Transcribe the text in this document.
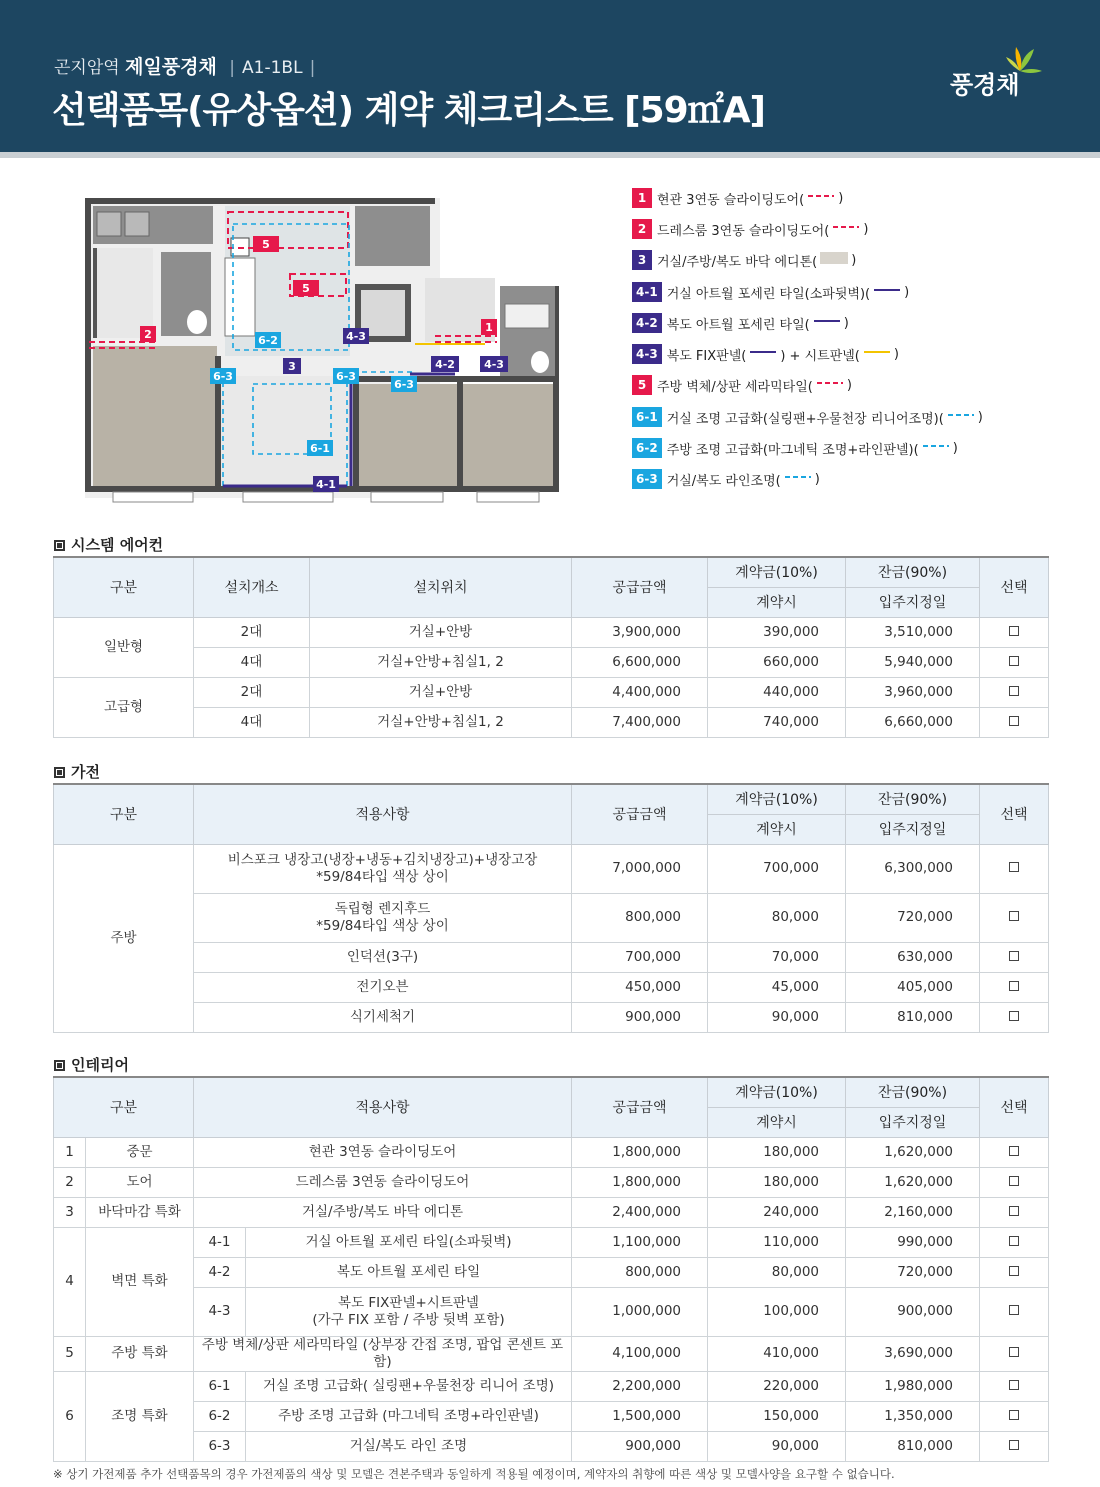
곤지암역 제일풍경채 | A1-1BL |
선택품목(유상옵션) 계약 체크리스트 [59㎡A]
풍경채
5
5
2	6-2	4-3
1
3	4-2	4-3
6-3	6-3
6-3
6-1
4-1
1 현관 3연동 슬라이딩도어(	)
2 드레스룸 3연동 슬라이딩도어(	)
3 거실/주방/복도 바닥 에디톤(	)
4-1 거실 아트월 포세린 타일(소파뒷벽)(	)
4-2 복도 아트월 포세린 타일(	)
4-3 복도 FIX판넬(	) + 시트판넬(	)
5 주방 벽체/상판 세라믹타일(	)
6-1 거실 조명 고급화(실링팬+우물천장 리니어조명)(	)
6-2 주방 조명 고급화(마그네틱 조명+라인판넬)(	)
6-3 거실/복도 라인조명(	)
시스템 에어컨
구분	설치개소	설치위치	공급금액	계약금(10%)	잔금(90%)	선택
				계약시	입주지정일	
일반형	2대	거실+안방	3,900,000	390,000	3,510,000	
	4대	거실+안방+침실1, 2	6,600,000	660,000	5,940,000	
고급형	2대	거실+안방	4,400,000	440,000	3,960,000	
	4대	거실+안방+침실1, 2	7,400,000	740,000	6,660,000	
가전
구분	적용사항	공급금액	계약금(10%)	잔금(90%)	선택
			계약시	입주지정일	
주방	비스포크 냉장고(냉장+냉동+김치냉장고)+냉장고장
*59/84타입 색상 상이	7,000,000	700,000	6,300,000	

	독립형 렌지후드
*59/84타입 색상 상이	800,000	80,000	720,000	

	인덕션(3구)	700,000	70,000	630,000	

	전기오븐	450,000	45,000	405,000	

	식기세척기	900,000	90,000	810,000	
인테리어
구분		적용사항		공급금액	계약금(10%)	잔금(90%)	선택
					계약시	입주지정일	
1	중문	현관 3연동 슬라이딩도어		1,800,000	180,000	1,620,000	
2	도어	드레스룸 3연동 슬라이딩도어		1,800,000	180,000	1,620,000	
3	바닥마감 특화	거실/주방/복도 바닥 에디톤		2,400,000	240,000	2,160,000	
4	벽면 특화	4-1	거실 아트월 포세린 타일(소파뒷벽)	1,100,000	110,000	990,000	
		4-2	복도 아트월 포세린 타일	800,000	80,000	720,000	
		4-3	복도 FIX판넬+시트판넬
(가구 FIX 포함 / 주방 뒷벽 포함)	1,000,000	100,000	900,000	
5	주방 특화	주방 벽체/상판 세라믹타일 (상부장 간접 조명, 팝업 콘센트 포함)		4,100,000	410,000	3,690,000	
6	조명 특화	6-1	거실 조명 고급화( 실링팬+우물천장 리니어 조명)	2,200,000	220,000	1,980,000	
		6-2	주방 조명 고급화 (마그네틱 조명+라인판넬)	1,500,000	150,000	1,350,000	
		6-3	거실/복도 라인 조명	900,000	90,000	810,000	
※ 상기 가전제품 추가 선택품목의 경우 가전제품의 색상 및 모델은 견본주택과 동일하게 적용될 예정이며, 계약자의 취향에 따른 색상 및 모델사양을 요구할 수 없습니다.
